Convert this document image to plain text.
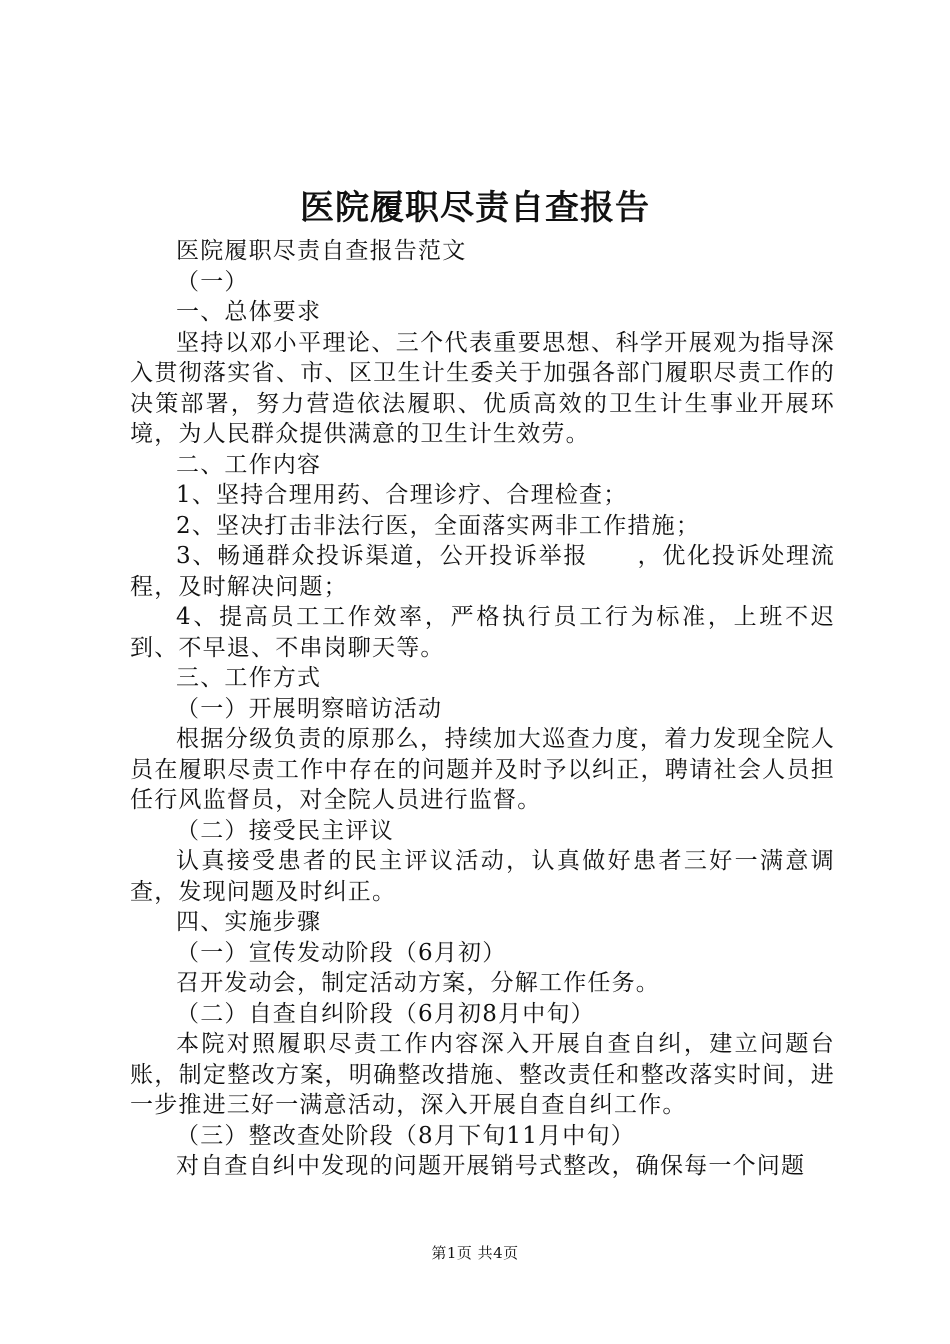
医院履职尽责自查报告

医院履职尽责自查报告范文

（一）

一、总体要求

坚持以邓小平理论、三个代表重要思想、科学开展观为指导深入贯彻落实省、市、区卫生计生委关于加强各部门履职尽责工作的决策部署，努力营造依法履职、优质高效的卫生计生事业开展环境，为人民群众提供满意的卫生计生效劳。

二、工作内容

1、坚持合理用药、合理诊疗、合理检查；

2、坚决打击非法行医，全面落实两非工作措施；

3、畅通群众投诉渠道，公开投诉举报　　，优化投诉处理流程，及时解决问题；

4、提高员工工作效率，严格执行员工行为标准，上班不迟到、不早退、不串岗聊天等。

三、工作方式

（一）开展明察暗访活动

根据分级负责的原那么，持续加大巡查力度，着力发现全院人员在履职尽责工作中存在的问题并及时予以纠正，聘请社会人员担任行风监督员，对全院人员进行监督。

（二）接受民主评议

认真接受患者的民主评议活动，认真做好患者三好一满意调查，发现问题及时纠正。

四、实施步骤

（一）宣传发动阶段（6月初）

召开发动会，制定活动方案，分解工作任务。

（二）自查自纠阶段（6月初8月中旬）

本院对照履职尽责工作内容深入开展自查自纠，建立问题台账，制定整改方案，明确整改措施、整改责任和整改落实时间，进一步推进三好一满意活动，深入开展自查自纠工作。

（三）整改查处阶段（8月下旬11月中旬）

对自查自纠中发现的问题开展销号式整改，确保每一个问题

第1页 共4页
